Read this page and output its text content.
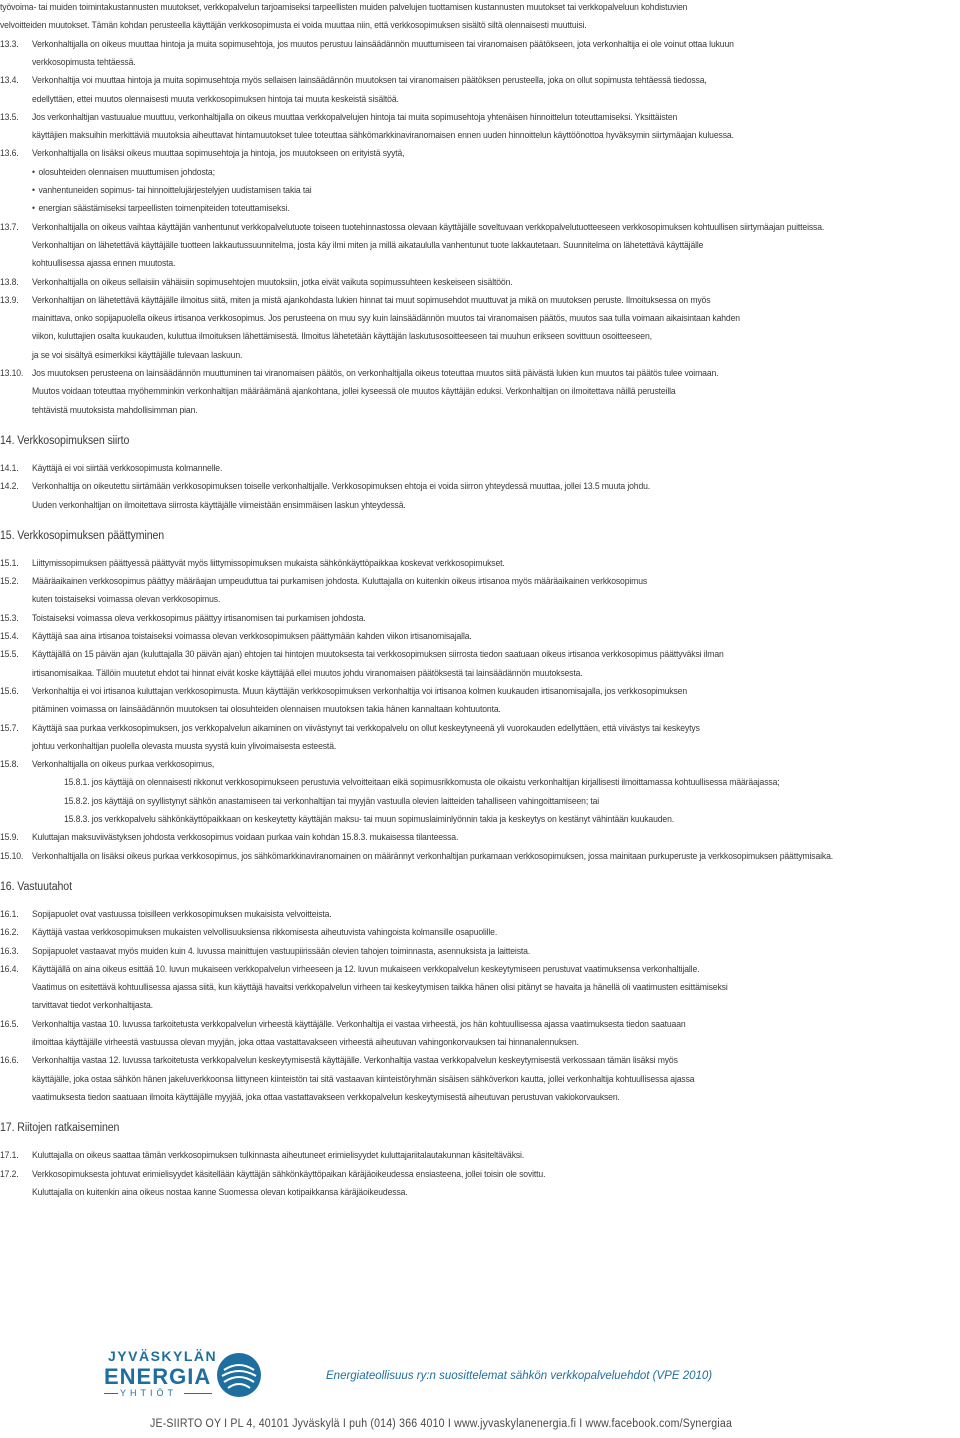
työvoima- tai muiden toimintakustannusten muutokset, verkkopalvelun tarjoamiseksi tarpeellisten muiden palvelujen tuottamisen kustannusten muutokset tai verkkopalveluun kohdistuvien
velvoitteiden muutokset. Tämän kohdan perusteella käyttäjän verkkosopimusta ei voida muuttaa niin, että verkkosopimuksen sisältö siltä olennaisesti muuttuisi.
13.3. Verkonhaltijalla on oikeus muuttaa hintoja ja muita sopimusehtoja, jos muutos perustuu lainsäädännön muuttumiseen tai viranomaisen päätökseen, jota verkonhaltija ei ole voinut ottaa lukuun
verkkosopimusta tehtäessä.
13.4. Verkonhaltija voi muuttaa hintoja ja muita sopimusehtoja myös sellaisen lainsäädännön muutoksen tai viranomaisen päätöksen perusteella, joka on ollut sopimusta tehtäessä tiedossa,
edellyttäen, ettei muutos olennaisesti muuta verkkosopimuksen hintoja tai muuta keskeistä sisältöä.
13.5. Jos verkonhaltijan vastuualue muuttuu, verkonhaltijalla on oikeus muuttaa verkkopalvelujen hintoja tai muita sopimusehtoja yhtenäisen hinnoittelun toteuttamiseksi. Yksittäisten
käyttäjien maksuihin merkittäviä muutoksia aiheuttavat hintamuutokset tulee toteuttaa sähkömarkkinaviranomaisen ennen uuden hinnoittelun käyttöönottoa hyväksymin siirtymäajan kuluessa.
13.6. Verkonhaltijalla on lisäksi oikeus muuttaa sopimusehtoja ja hintoja, jos muutokseen on erityistä syytä,
• olosuhteiden olennaisen muuttumisen johdosta;
• vanhentuneiden sopimus- tai hinnoittelujärjestelyjen uudistamisen takia tai
• energian säästämiseksi tarpeellisten toimenpiteiden toteuttamiseksi.
13.7. Verkonhaltijalla on oikeus vaihtaa käyttäjän vanhentunut verkkopalvelutuote toiseen tuotehinnastossa olevaan käyttäjälle soveltuvaan verkkopalvelutuotteeseen verkkosopimuksen kohtuullisen siirtymäajan puitteissa.
Verkonhaltijan on lähetettävä käyttäjälle tuotteen lakkautussuunnitelma, josta käy ilmi miten ja millä aikataululla vanhentunut tuote lakkautetaan. Suunnitelma on lähetettävä käyttäjälle
kohtuullisessa ajassa ennen muutosta.
13.8. Verkonhaltijalla on oikeus sellaisiin vähäisiin sopimusehtojen muutoksiin, jotka eivät vaikuta sopimussuhteen keskeiseen sisältöön.
13.9. Verkonhaltijan on lähetettävä käyttäjälle ilmoitus siitä, miten ja mistä ajankohdasta lukien hinnat tai muut sopimusehdot muuttuvat ja mikä on muutoksen peruste. Ilmoituksessa on myös
mainittava, onko sopijapuolella oikeus irtisanoa verkkosopimus. Jos perusteena on muu syy kuin lainsäädännön muutos tai viranomaisen päätös, muutos saa tulla voimaan aikaisintaan kahden
viikon, kuluttajien osalta kuukauden, kuluttua ilmoituksen lähettämisestä. Ilmoitus lähetetään käyttäjän laskutusosoitteeseen tai muuhun erikseen sovittuun osoitteeseen,
ja se voi sisältyä esimerkiksi käyttäjälle tulevaan laskuun.
13.10. Jos muutoksen perusteena on lainsäädännön muuttuminen tai viranomaisen päätös, on verkonhaltijalla oikeus toteuttaa muutos siitä päivästä lukien kun muutos tai päätös tulee voimaan.
Muutos voidaan toteuttaa myöhemminkin verkonhaltijan määräämänä ajankohtana, jollei kyseessä ole muutos käyttäjän eduksi. Verkonhaltijan on ilmoitettava näillä perusteilla
tehtävistä muutoksista mahdollisimman pian.
14. Verkkosopimuksen siirto
14.1. Käyttäjä ei voi siirtää verkkosopimusta kolmannelle.
14.2. Verkonhaltija on oikeutettu siirtämään verkkosopimuksen toiselle verkonhaltijalle. Verkkosopimuksen ehtoja ei voida siirron yhteydessä muuttaa, jollei 13.5 muuta johdu.
Uuden verkonhaltijan on ilmoitettava siirrosta käyttäjälle viimeistään ensimmäisen laskun yhteydessä.
15. Verkkosopimuksen päättyminen
15.1. Liittymissopimuksen päättyessä päättyvät myös liittymissopimuksen mukaista sähkönkäyttöpaikkaa koskevat verkkosopimukset.
15.2. Määräaikainen verkkosopimus päättyy määräajan umpeuduttua tai purkamisen johdosta. Kuluttajalla on kuitenkin oikeus irtisanoa myös määräaikainen verkkosopimus
kuten toistaiseksi voimassa olevan verkkosopimus.
15.3. Toistaiseksi voimassa oleva verkkosopimus päättyy irtisanomisen tai purkamisen johdosta.
15.4. Käyttäjä saa aina irtisanoa toistaiseksi voimassa olevan verkkosopimuksen päättymään kahden viikon irtisanomisajalla.
15.5. Käyttäjällä on 15 päivän ajan (kuluttajalla 30 päivän ajan) ehtojen tai hintojen muutoksesta tai verkkosopimuksen siirrosta tiedon saatuaan oikeus irtisanoa verkkosopimus päättyväksi ilman
irtisanomisaikaa. Tällöin muutetut ehdot tai hinnat eivät koske käyttäjää ellei muutos johdu viranomaisen päätöksestä tai lainsäädännön muutoksesta.
15.6. Verkonhaltija ei voi irtisanoa kuluttajan verkkosopimusta. Muun käyttäjän verkkosopimuksen verkonhaltija voi irtisanoa kolmen kuukauden irtisanomisajalla, jos verkkosopimuksen
pitäminen voimassa on lainsäädännön muutoksen tai olosuhteiden olennaisen muutoksen takia hänen kannaltaan kohtuutonta.
15.7. Käyttäjä saa purkaa verkkosopimuksen, jos verkkopalvelun aikaminen on viivästynyt tai verkkopalvelu on ollut keskeytyneenä yli vuorokauden edellyttäen, että viivästys tai keskeytys
johtuu verkonhaltijan puolella olevasta muusta syystä kuin ylivoimaisesta esteestä.
15.8. Verkonhaltijalla on oikeus purkaa verkkosopimus,
15.8.1. jos käyttäjä on olennaisesti rikkonut verkkosopimukseen perustuvia velvoitteitaan eikä sopimusrikkomusta ole oikaistu verkonhaltijan kirjallisesti ilmoittamassa kohtuullisessa määräajassa;
15.8.2. jos käyttäjä on syyllistynyt sähkön anastamiseen tai verkonhaltijan tai myyjän vastuulla olevien laitteiden tahalliseen vahingoittamiseen; tai
15.8.3. jos verkkopalvelu sähkönkäyttöpaikkaan on keskeytetty käyttäjän maksu- tai muun sopimuslaiminlyönnin takia ja keskeytys on kestänyt vähintään kuukauden.
15.9. Kuluttajan maksuviivästyksen johdosta verkkosopimus voidaan purkaa vain kohdan 15.8.3. mukaisessa tilanteessa.
15.10. Verkonhaltijalla on lisäksi oikeus purkaa verkkosopimus, jos sähkömarkkinaviranomainen on määrännyt verkonhaltijan purkamaan verkkosopimuksen, jossa mainitaan purkuperuste ja verkkosopimuksen päättymisaika.
16. Vastuutahot
16.1. Sopijapuolet ovat vastuussa toisilleen verkkosopimuksen mukaisista velvoitteista.
16.2. Käyttäjä vastaa verkkosopimuksen mukaisten velvollisuuksiensa rikkomisesta aiheutuvista vahingoista kolmansille osapuolille.
16.3. Sopijapuolet vastaavat myös muiden kuin 4. luvussa mainittujen vastuupiirissään olevien tahojen toiminnasta, asennuksista ja laitteista.
16.4. Käyttäjällä on aina oikeus esittää 10. luvun mukaiseen verkkopalvelun virheeseen ja 12. luvun mukaiseen verkkopalvelun keskeytymiseen perustuvat vaatimuksensa verkonhaltijalle.
Vaatimus on esitettävä kohtuullisessa ajassa siitä, kun käyttäjä havaitsi verkkopalvelun virheen tai keskeytymisen taikka hänen olisi pitänyt se havaita ja hänellä oli vaatimusten esittämiseksi
tarvittavat tiedot verkonhaltijasta.
16.5. Verkonhaltija vastaa 10. luvussa tarkoitetusta verkkopalvelun virheestä käyttäjälle. Verkonhaltija ei vastaa virheestä, jos hän kohtuullisessa ajassa vaatimuksesta tiedon saatuaan
ilmoittaa käyttäjälle virheestä vastuussa olevan myyjän, joka ottaa vastattavakseen virheestä aiheutuvan vahingonkorvauksen tai hinnanalennuksen.
16.6. Verkonhaltija vastaa 12. luvussa tarkoitetusta verkkopalvelun keskeytymisestä käyttäjälle. Verkonhaltija vastaa verkkopalvelun keskeytymisestä verkossaan tämän lisäksi myös
käyttäjälle, joka ostaa sähkön hänen jakeluverkkoonsa liittyneen kiinteistön tai sitä vastaavan kiinteistöryhmän sisäisen sähköverkon kautta, jollei verkonhaltija kohtuullisessa ajassa
vaatimuksesta tiedon saatuaan ilmoita käyttäjälle myyjää, joka ottaa vastattavakseen verkkopalvelun keskeytymisestä aiheutuvan perustuvan vakiokorvauksen.
17. Riitojen ratkaiseminen
17.1. Kuluttajalla on oikeus saattaa tämän verkkosopimuksen tulkinnasta aiheutuneet erimielisyydet kuluttajariitalautakunnan käsiteltäväksi.
17.2. Verkkosopimuksesta johtuvat erimielisyydet käsitellään käyttäjän sähkönkäyttöpaikan käräjäoikeudessa ensiasteena, jollei toisin ole sovittu.
Kuluttajalla on kuitenkin aina oikeus nostaa kanne Suomessa olevan kotipaikkansa käräjäoikeudessa.
JYVÄSKYLÄN
ENERGIA
YHTIÖT
Energiateollisuus ry:n suosittelemat sähkön verkkopalveluehdot (VPE 2010)
JE-SIIRTO OY I PL 4, 40101 Jyväskylä I puh (014) 366 4010 I www.jyvaskylanenergia.fi I www.facebook.com/Synergiaa
